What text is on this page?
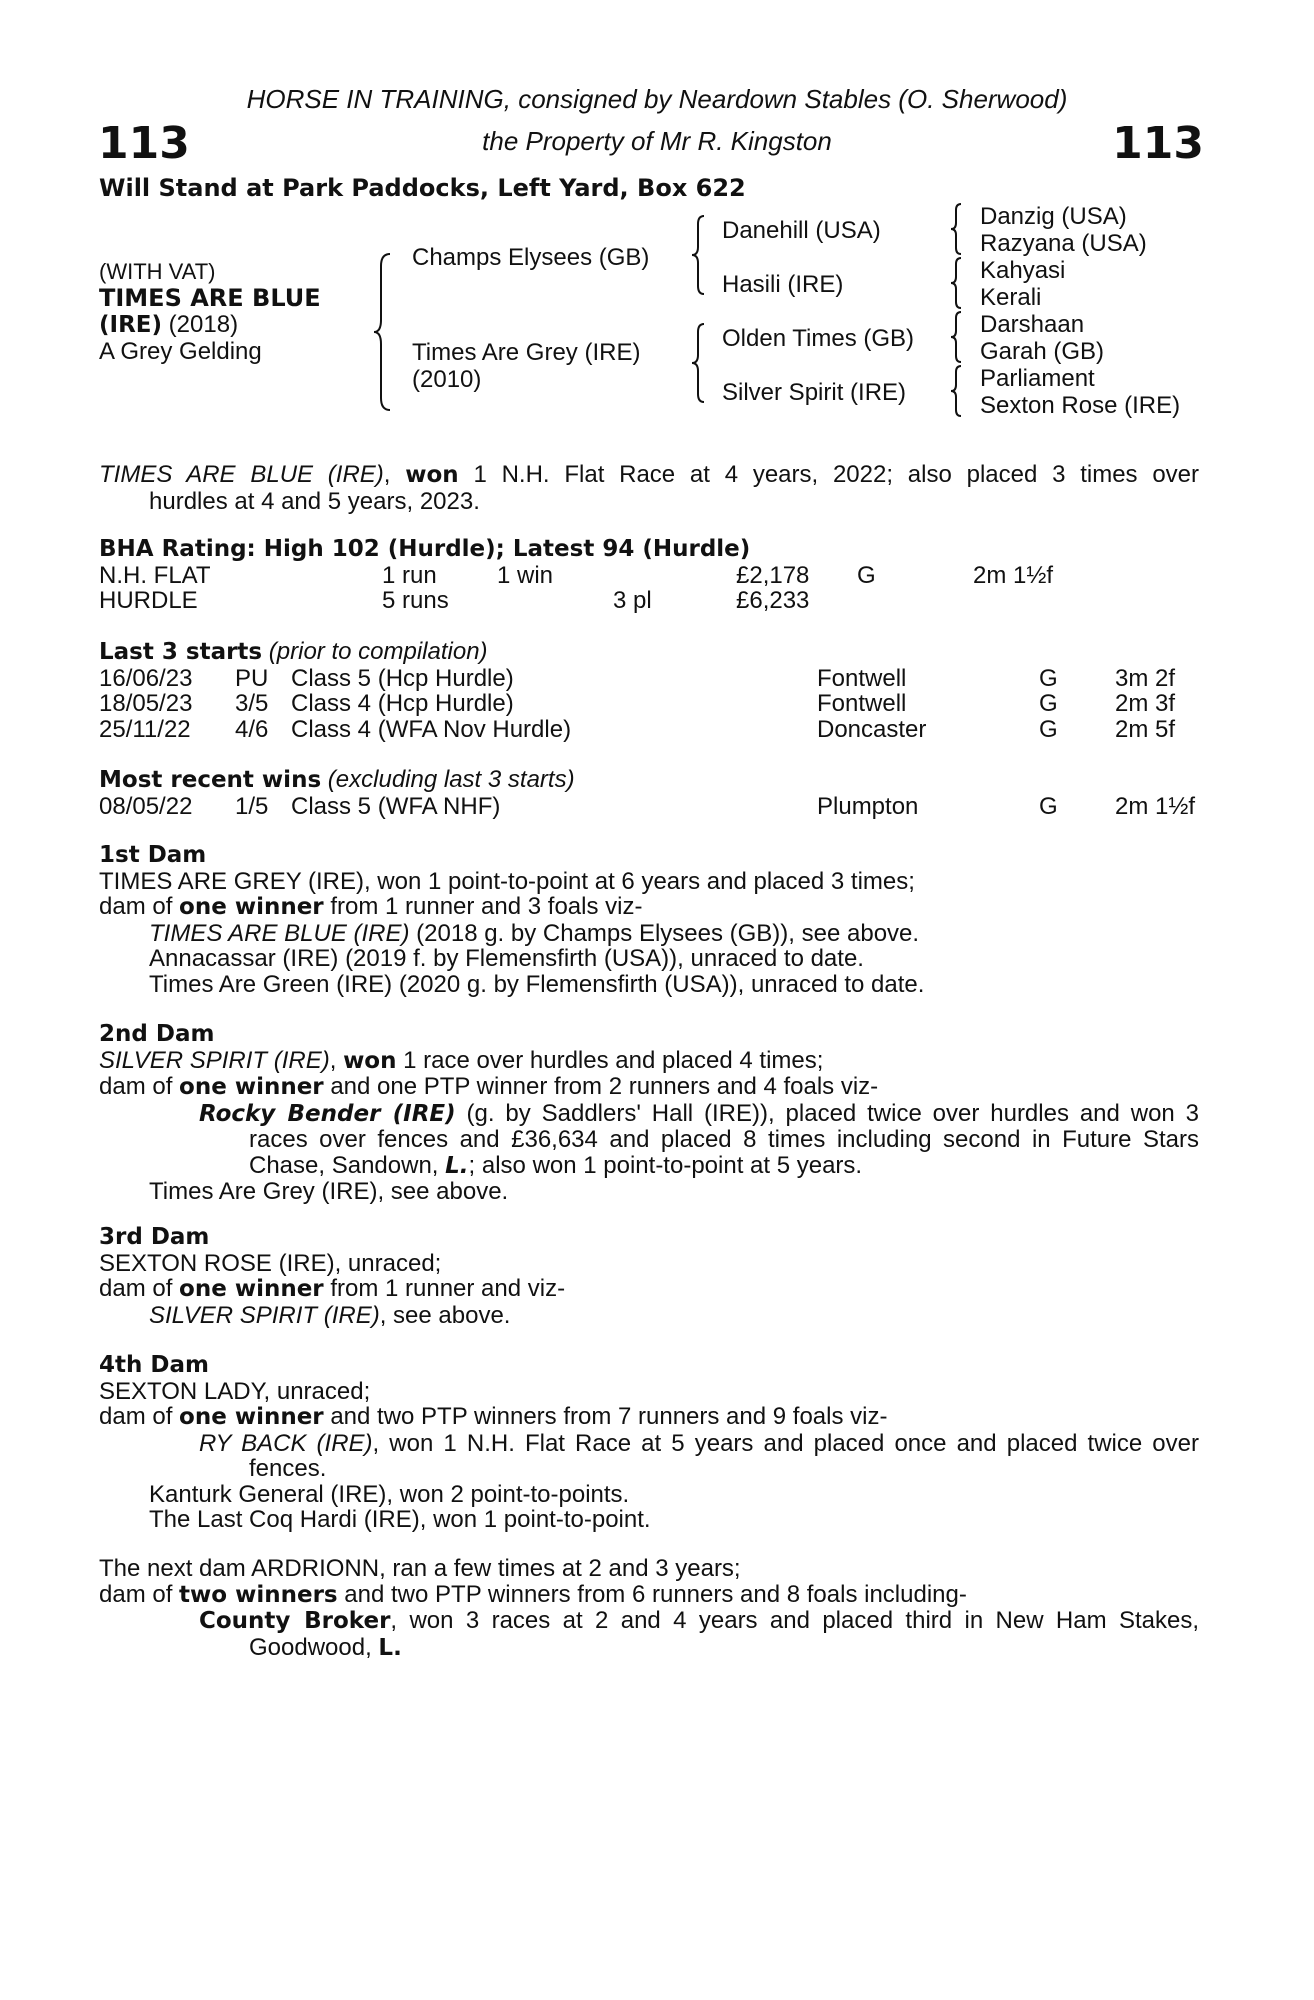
HORSE IN TRAINING, consigned by Neardown Stables (O. Sherwood)
the Property of Mr R. Kingston
113	113
Will Stand at Park Paddocks, Left Yard, Box 622
(WITH VAT)
TIMES ARE BLUE
(IRE) (2018)
A Grey Gelding
Champs Elysees (GB)
Times Are Grey (IRE)
(2010)
Danehill (USA)
Hasili (IRE)
Olden Times (GB)
Silver Spirit (IRE)
Danzig (USA)
Razyana (USA)
Kahyasi
Kerali
Darshaan
Garah (GB)
Parliament
Sexton Rose (IRE)
TIMES ARE BLUE (IRE), won 1 N.H. Flat Race at 4 years, 2022; also placed 3 times over
hurdles at 4 and 5 years, 2023.
BHA Rating: High 102 (Hurdle); Latest 94 (Hurdle)
N.H. FLAT	1 run	1 win	£2,178 G	2m 1½f
HURDLE	5 runs	3 pl	£6,233
Last 3 starts (prior to compilation)
16/06/23 PU Class 5 (Hcp Hurdle)	Fontwell	G 3m 2f
18/05/23 3/5 Class 4 (Hcp Hurdle)	Fontwell	G 2m 3f
25/11/22 4/6 Class 4 (WFA Nov Hurdle)	Doncaster	G 2m 5f
Most recent wins (excluding last 3 starts)
08/05/22 1/5 Class 5 (WFA NHF)	Plumpton	G 2m 1½f
1st Dam
TIMES ARE GREY (IRE), won 1 point-to-point at 6 years and placed 3 times;
dam of one winner from 1 runner and 3 foals viz-
TIMES ARE BLUE (IRE) (2018 g. by Champs Elysees (GB)), see above.
Annacassar (IRE) (2019 f. by Flemensfirth (USA)), unraced to date.
Times Are Green (IRE) (2020 g. by Flemensfirth (USA)), unraced to date.
2nd Dam
SILVER SPIRIT (IRE), won 1 race over hurdles and placed 4 times;
dam of one winner and one PTP winner from 2 runners and 4 foals viz-
Rocky Bender (IRE) (g. by Saddlers' Hall (IRE)), placed twice over hurdles and won 3 races over fences and £36,634 and placed 8 times including second in Future Stars Chase, Sandown, L.; also won 1 point-to-point at 5 years.
Times Are Grey (IRE), see above.
3rd Dam
SEXTON ROSE (IRE), unraced;
dam of one winner from 1 runner and viz-
SILVER SPIRIT (IRE), see above.
4th Dam
SEXTON LADY, unraced;
dam of one winner and two PTP winners from 7 runners and 9 foals viz-
RY BACK (IRE), won 1 N.H. Flat Race at 5 years and placed once and placed twice over fences.
Kanturk General (IRE), won 2 point-to-points.
The Last Coq Hardi (IRE), won 1 point-to-point.
The next dam ARDRIONN, ran a few times at 2 and 3 years;
dam of two winners and two PTP winners from 6 runners and 8 foals including-
County Broker, won 3 races at 2 and 4 years and placed third in New Ham Stakes, Goodwood, L.
